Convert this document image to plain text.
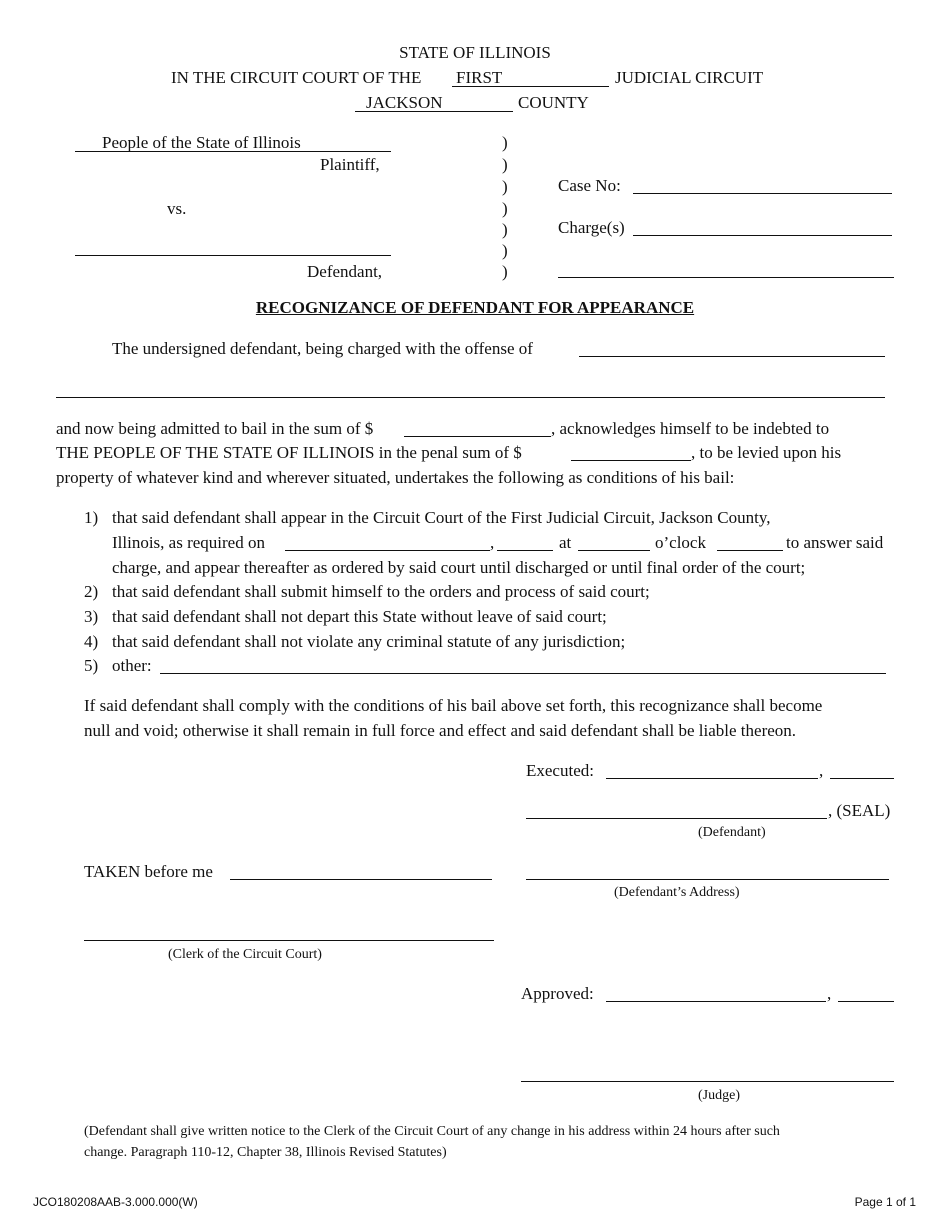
STATE OF ILLINOIS
IN THE CIRCUIT COURT OF THE FIRST	JUDICIAL CIRCUIT
JACKSON	COUNTY
People of the State of Illinois
Plaintiff,
vs.
Defendant,
)
)
)
)
)
)
)
Case No:
Charge(s)
RECOGNIZANCE OF DEFENDANT FOR APPEARANCE
The undersigned defendant, being charged with the offense of
and now being admitted to bail in the sum of $	, acknowledges himself to be indebted to
THE PEOPLE OF THE STATE OF ILLINOIS in the penal sum of $	, to be levied upon his
property of whatever kind and wherever situated, undertakes the following as conditions of his bail:
1) that said defendant shall appear in the Circuit Court of the First Judicial Circuit, Jackson County,
Illinois, as required on	,	at	o’clock	to answer said
charge, and appear thereafter as ordered by said court until discharged or until final order of the court;
2) that said defendant shall submit himself to the orders and process of said court;
3) that said defendant shall not depart this State without leave of said court;
4) that said defendant shall not violate any criminal statute of any jurisdiction;
5) other:
If said defendant shall comply with the conditions of his bail above set forth, this recognizance shall become
null and void; otherwise it shall remain in full force and effect and said defendant shall be liable thereon.
Executed:	,
, (SEAL)
(Defendant)
TAKEN before me
(Defendant’s Address)
(Clerk of the Circuit Court)
Approved:	,
(Judge)
(Defendant shall give written notice to the Clerk of the Circuit Court of any change in his address within 24 hours after such
change. Paragraph 110-12, Chapter 38, Illinois Revised Statutes)
JCO180208AAB-3.000.000(W)	Page 1 of 1
